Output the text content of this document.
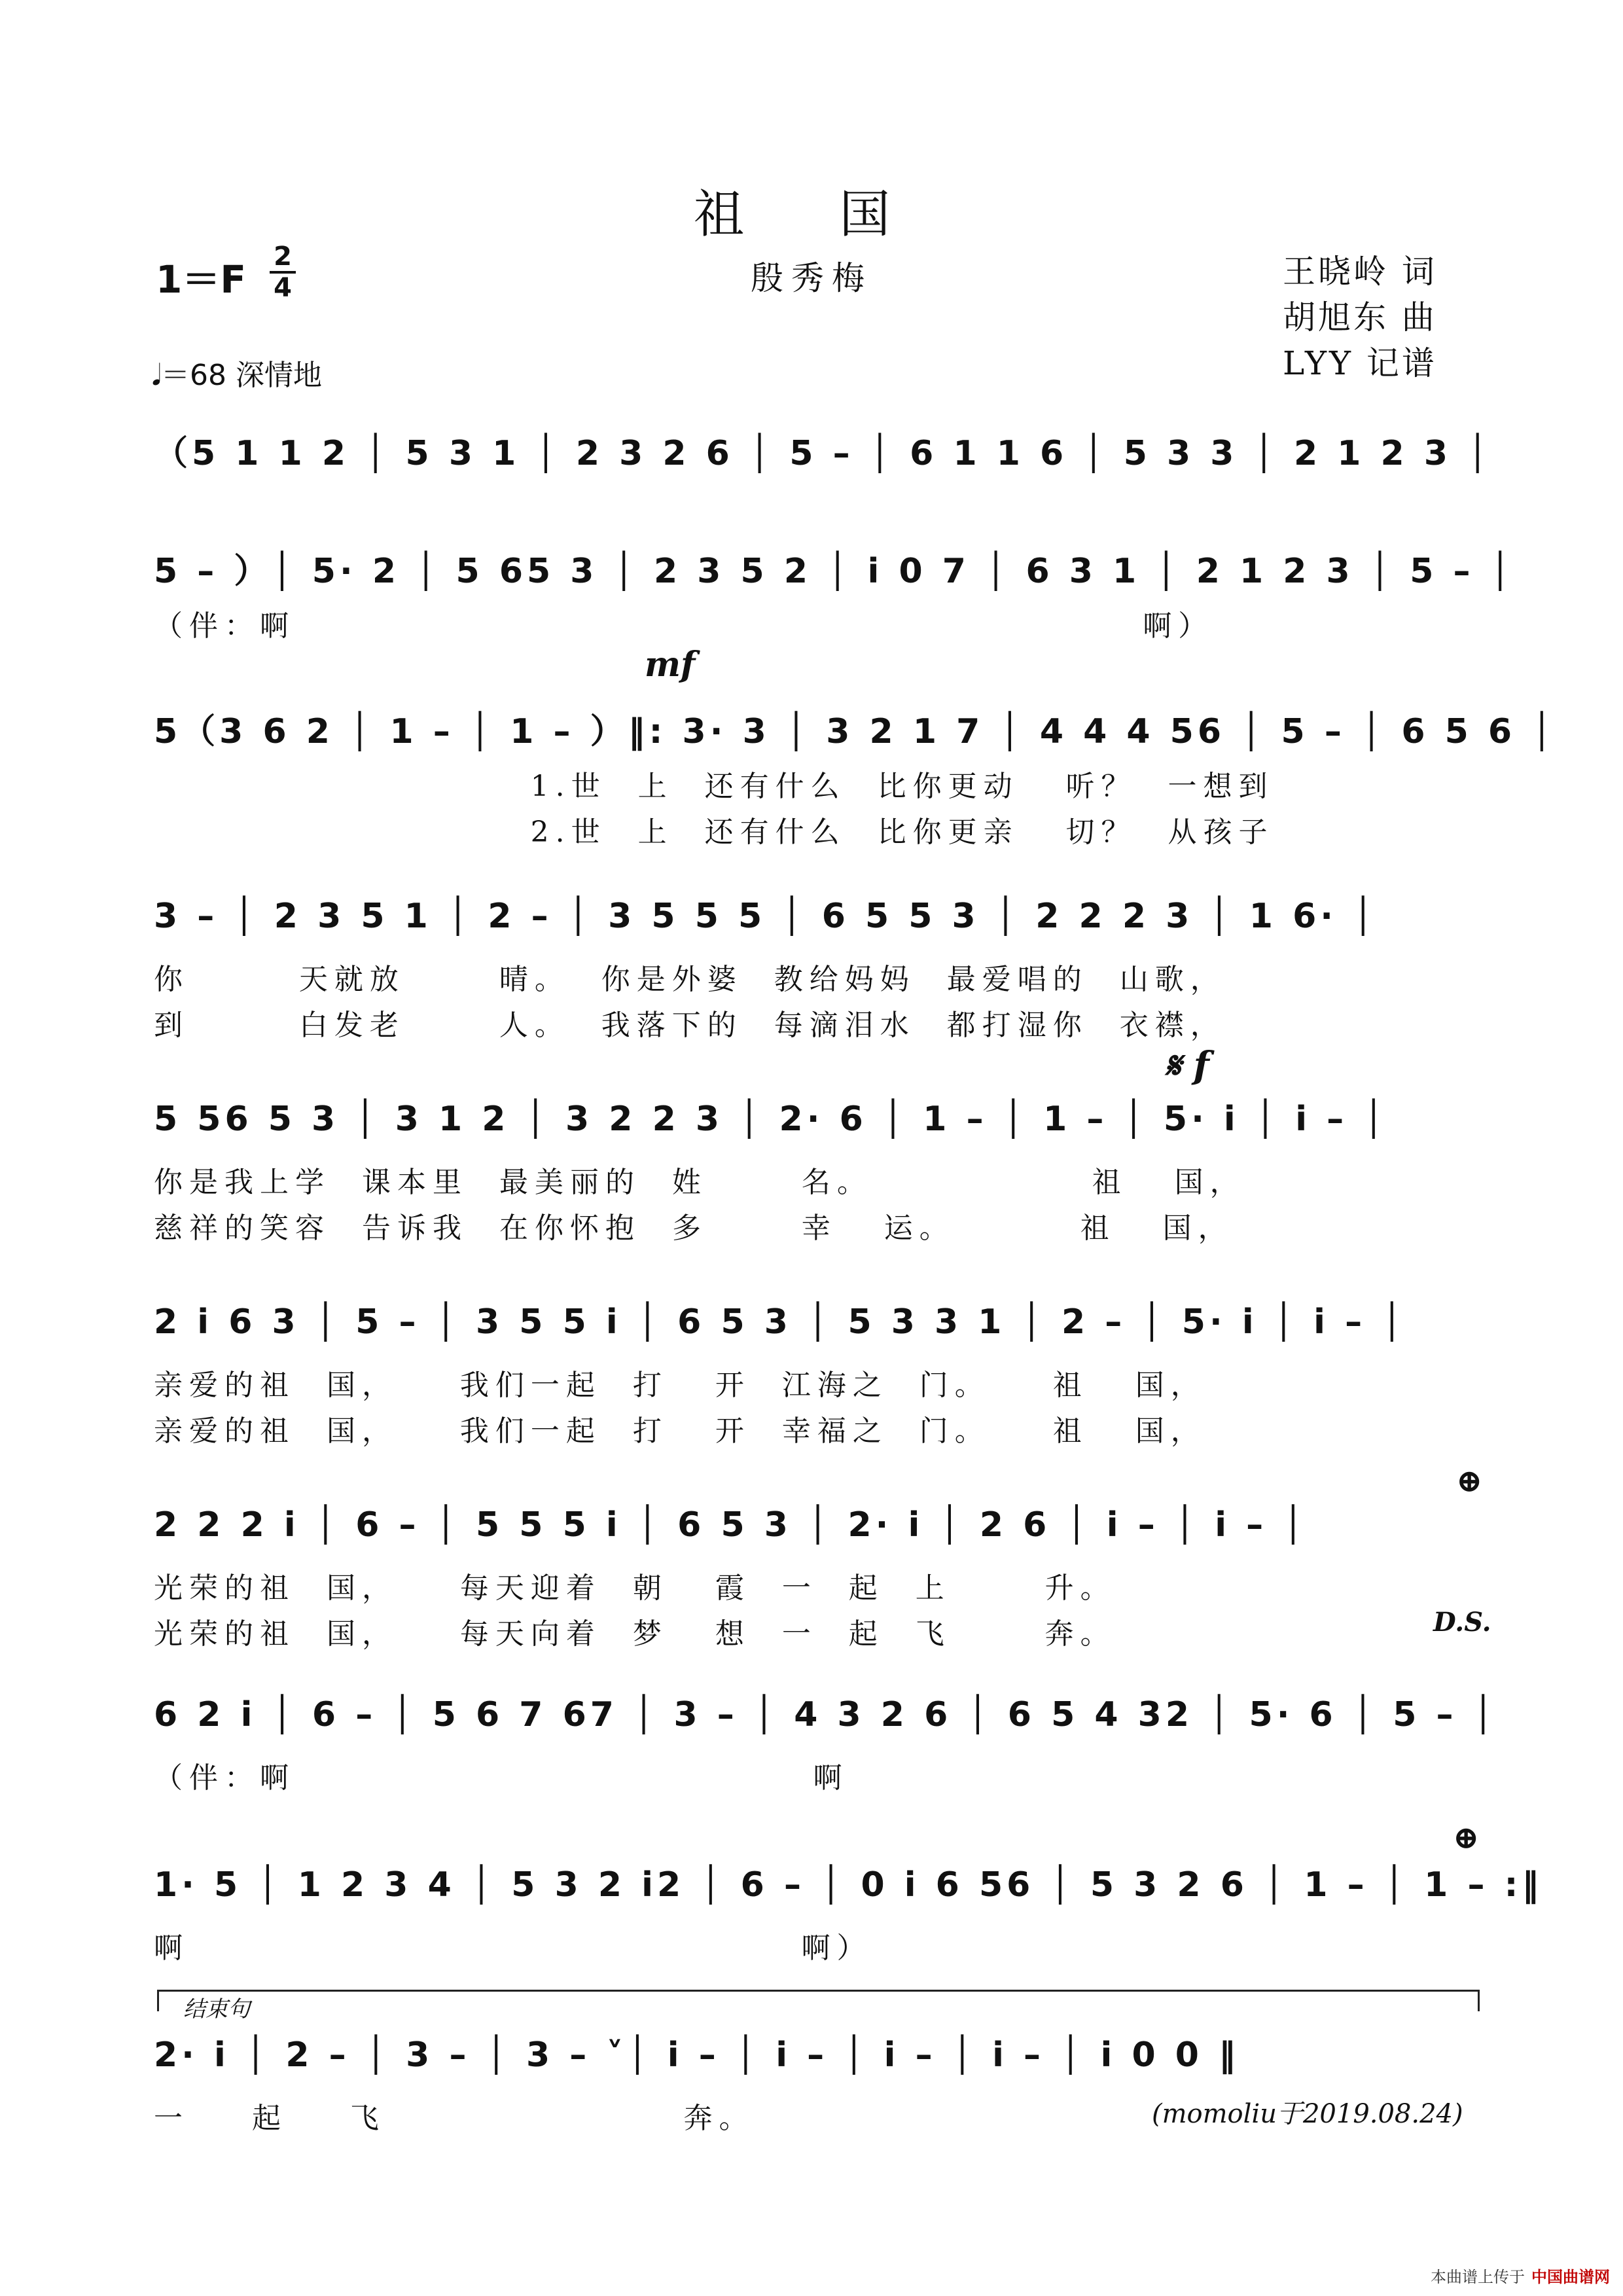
祖 国
殷秀梅
1＝F
2
4	王晓岭 词
胡旭东 曲
LYY 记谱
𝅘𝅥＝68 深情地
（5 1 1 2 │ 5 3 1 │ 2 3 2 6 │ 5 – │ 6 1 1 6 │ 5 3 3 │ 2 1 2 3 │
5 – ）│ 5· 2 │ 5 65 3 │ 2 3 5 2 │ i 0 7 │ 6 3 1 │ 2 1 2 3 │ 5 – │
（伴：啊                                                      啊）
mf
5（3 6 2 │ 1 – │ 1 – ）‖: 3· 3 │ 3 2 1 7 │ 4 4 4 56 │ 5 – │ 6 5 6 │
1.世  上  还有什么  比你更动   听？  一想到
2.世  上  还有什么  比你更亲   切？  从孩子
3 – │ 2 3 5 1 │ 2 – │ 3 5 5 5 │ 6 5 5 3 │ 2 2 2 3 │ 1 6· │
你       天就放      晴。  你是外婆  教给妈妈  最爱唱的  山歌，
到       白发老      人。  我落下的  每滴泪水  都打湿你  衣襟，
𝄋 f
5 56 5 3 │ 3 1 2 │ 3 2 2 3 │ 2· 6 │ 1 – │ 1 – │ 5· i │ i – │
你是我上学  课本里  最美丽的  姓      名。              祖   国，
慈祥的笑容  告诉我  在你怀抱  多      幸   运。        祖   国，
2 i 6 3 │ 5 – │ 3 5 5 i │ 6 5 3 │ 5 3 3 1 │ 2 – │ 5· i │ i – │
亲爱的祖  国，    我们一起  打   开  江海之  门。    祖   国，
亲爱的祖  国，    我们一起  打   开  幸福之  门。    祖   国，
⊕
2 2 2 i │ 6 – │ 5 5 5 i │ 6 5 3 │ 2· i │ 2 6 │ i – │ i – │
光荣的祖  国，    每天迎着  朝   霞  一  起  上      升。
光荣的祖  国，    每天向着  梦   想  一  起  飞      奔。	D.S.
6 2 i │ 6 – │ 5 6 7 67 │ 3 – │ 4 3 2 6 │ 6 5 4 32 │ 5· 6 │ 5 – │
（伴：啊                                 啊
⊕
1· 5 │ 1 2 3 4 │ 5 3 2 i2 │ 6 – │ 0 i 6 56 │ 5 3 2 6 │ 1 – │ 1 – :‖
啊                                       啊）
结束句
2· i │ 2 – │ 3 – │ 3 – ˅│ i – │ i – │ i – │ i – │ i 0 0 ‖
一    起    飞                   奔。	(momoliu于2019.08.24)
本曲谱上传于 中国曲谱网
